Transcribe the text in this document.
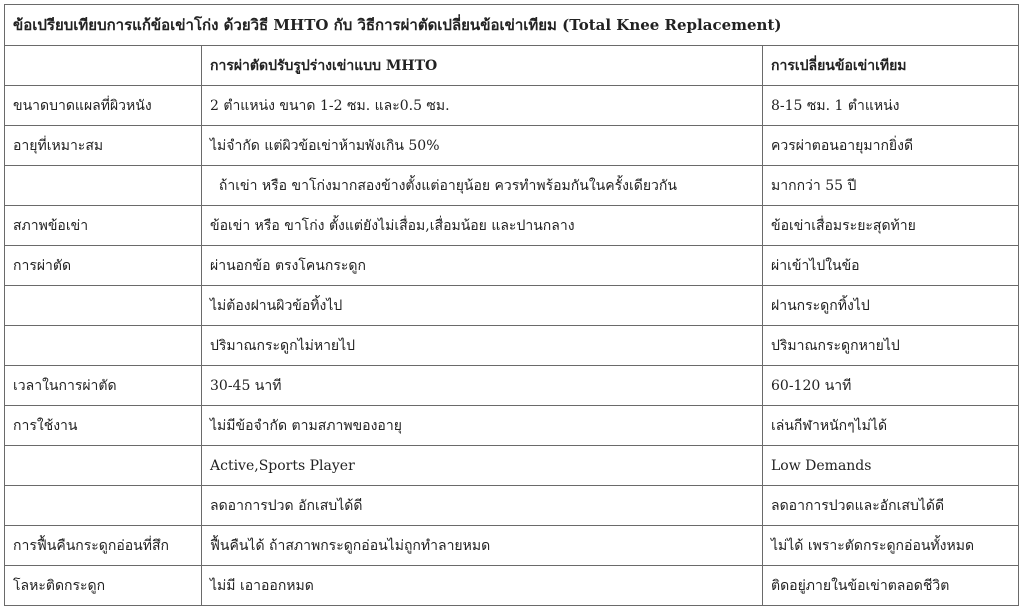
ข้อเปรียบเทียบการแก้ข้อเข่าโก่ง ด้วยวิธี MHTO กับ วิธีการผ่าตัดเปลี่ยนข้อเข่าเทียม (Total Knee Replacement)		
	การผ่าตัดปรับรูปร่างเข่าแบบ MHTO	การเปลี่ยนข้อเข่าเทียม
ขนาดบาดแผลที่ผิวหนัง	2 ตำแหน่ง ขนาด 1-2 ซม. และ0.5 ซม.	8-15 ซม. 1 ตำแหน่ง
อายุที่เหมาะสม	ไม่จำกัด แต่ผิวข้อเข่าห้ามพังเกิน 50%	ควรผ่าตอนอายุมากยิ่งดี
	ถ้าเข่า หรือ ขาโก่งมากสองข้างตั้งแต่อายุน้อย ควรทำพร้อมกันในครั้งเดียวกัน	มากกว่า 55 ปี
สภาพข้อเข่า	ข้อเข่า หรือ ขาโก่ง ตั้งแต่ยังไม่เสื่อม,เสื่อมน้อย และปานกลาง	ข้อเข่าเสื่อมระยะสุดท้าย
การผ่าตัด	ผ่านอกข้อ ตรงโคนกระดูก	ผ่าเข้าไปในข้อ
	ไม่ต้องฝานผิวข้อทิ้งไป	ฝานกระดูกทิ้งไป
	ปริมาณกระดูกไม่หายไป	ปริมาณกระดูกหายไป
เวลาในการผ่าตัด	30-45 นาที	60-120 นาที
การใช้งาน	ไม่มีข้อจำกัด ตามสภาพของอายุ	เล่นกีฬาหนักๆไม่ได้
	Active,Sports Player	Low Demands
	ลดอาการปวด อักเสบได้ดี	ลดอาการปวดและอักเสบได้ดี
การฟื้นคืนกระดูกอ่อนที่สึก	ฟื้นคืนได้ ถ้าสภาพกระดูกอ่อนไม่ถูกทำลายหมด	ไม่ได้ เพราะตัดกระดูกอ่อนทั้งหมด
โลหะติดกระดูก	ไม่มี เอาออกหมด	ติดอยู่ภายในข้อเข่าตลอดชีวิต
